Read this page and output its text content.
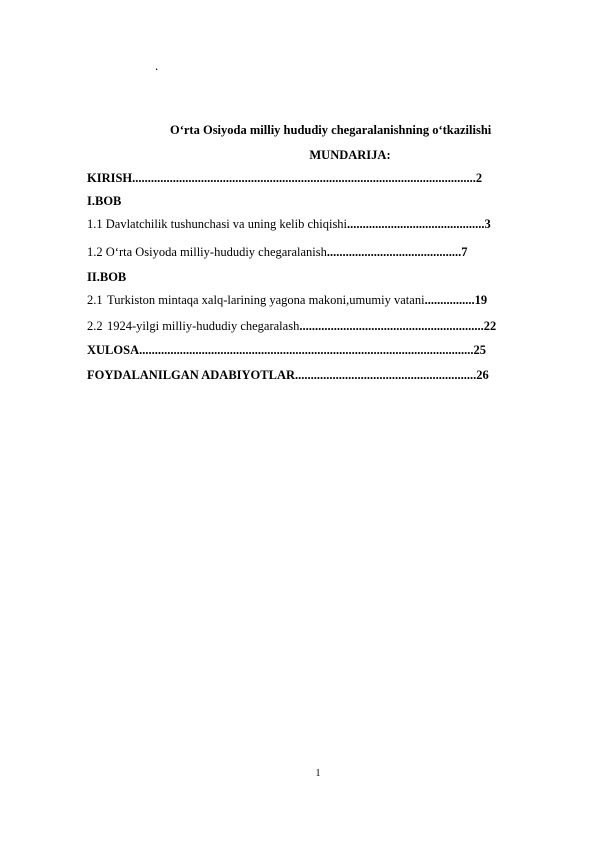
.
O‘rta Osiyoda milliy hududiy chegaralanishning o‘tkazilishi
MUNDARIJA:
KIRISH..............................................................................................................2
I.BOB
1.1 Davlatchilik tushunchasi va uning kelib chiqishi............................................3
1.2 O‘rta Osiyoda milliy-hududiy chegaralanish...........................................7
II.BOB
2.1 Turkiston mintaqa xalq-larining yagona makoni,umumiy vatani................19
2.2 1924-yilgi milliy-hududiy chegaralash...........................................................22
XULOSA...........................................................................................................25
FOYDALANILGAN ADABIYOTLAR..........................................................26
1
